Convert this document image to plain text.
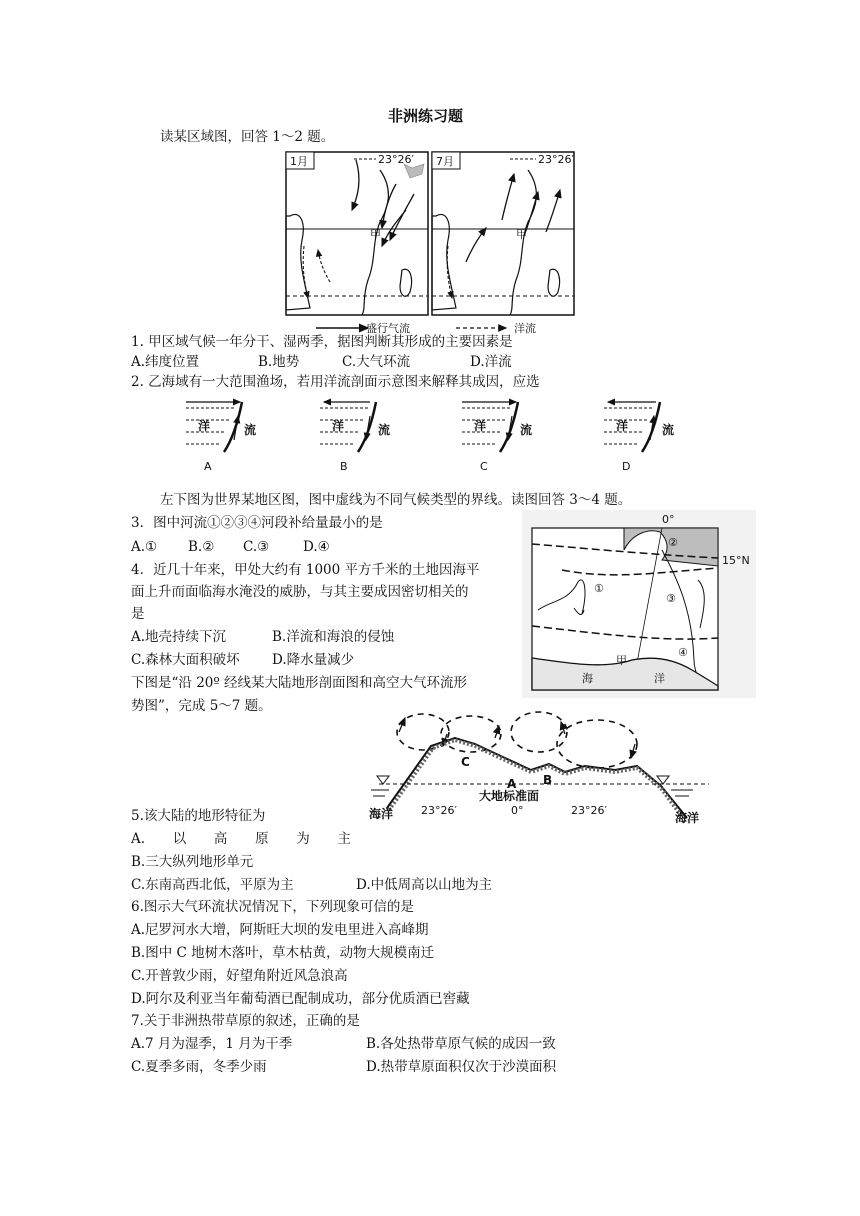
非洲练习题
读某区域图，回答 1～2 题。
1月	23°26′
甲
7月	23°26′
甲
盛行气流	洋流
1. 甲区域气候一年分干、湿两季，据图判断其形成的主要因素是
A.纬度位置	B.地势	C.大气环流	D.洋流
2. 乙海域有一大范围渔场，若用洋流剖面示意图来解释其成因，应选
洋	流
A
洋	流
B
洋	流
C
洋	流
D
左下图为世界某地区图，图中虚线为不同气候类型的界线。读图回答 3～4 题。
3．图中河流①②③④河段补给量最小的是
A.① B.② C.③	D.④
4．近几十年来，甲处大约有 1000 平方千米的土地因海平
面上升而面临海水淹没的威胁，与其主要成因密切相关的
是
A.地壳持续下沉	B.洋流和海浪的侵蚀
C.森林大面积破坏 D.降水量减少
0°
15°N
①
②
③
④
甲
海	洋
下图是“沿 20º 经线某大陆地形剖面图和高空大气环流形
势图”，完成 5～7 题。
C
A B
大地标准面
23°26′	0°	23°26′
海洋	海洋
5.该大陆的地形特征为
A. 以 高 原 为 主
B.三大纵列地形单元
C.东南高西北低，平原为主	D.中低周高以山地为主
6.图示大气环流状况情况下，下列现象可信的是
A.尼罗河水大增，阿斯旺大坝的发电里进入高峰期
B.图中 C 地树木落叶，草木枯黄，动物大规模南迁
C.开普敦少雨，好望角附近风急浪高
D.阿尔及利亚当年葡萄酒已配制成功，部分优质酒已窖藏
7.关于非洲热带草原的叙述，正确的是
A.7 月为湿季，1 月为干季	B.各处热带草原气候的成因一致
C.夏季多雨，冬季少雨	D.热带草原面积仅次于沙漠面积
